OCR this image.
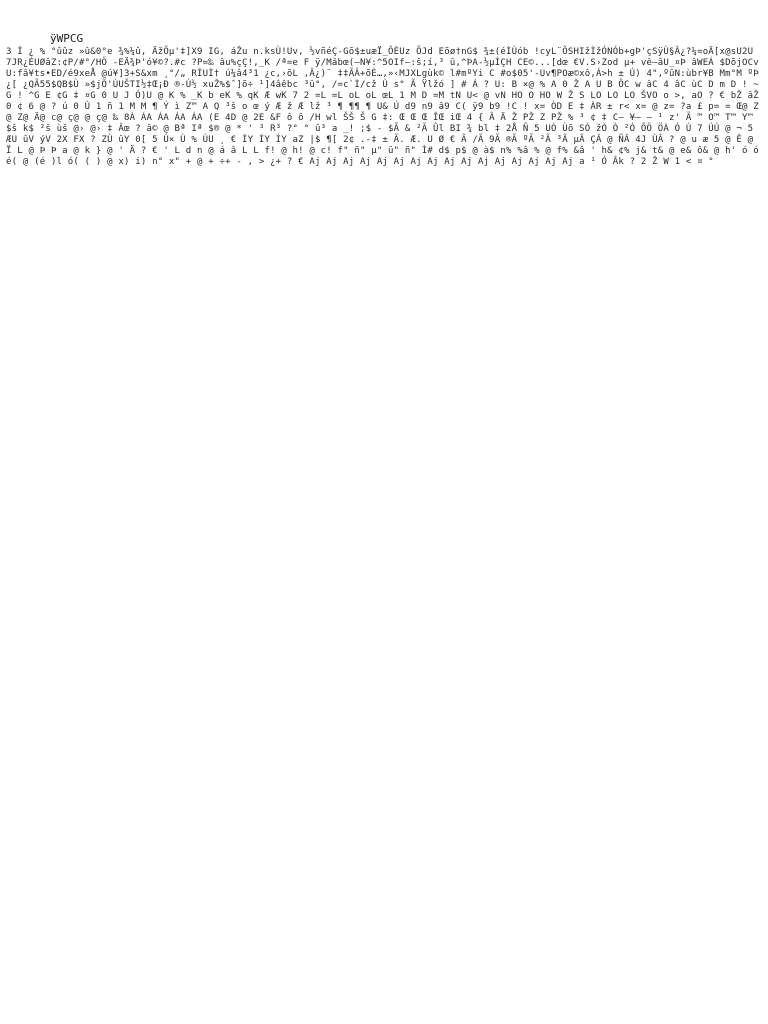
ÿWPCG
3 Í ¿ % °ûûz »û&0°e ¾%¼û, ÄžÕµ'‡]X9 IG, áŽu n.ksÙ!Uv, ½vñéÇ-Gõ$±uæÏ_ÔÈUz ÕJd Eõø†nG$ ¾±(éÌÙób !cyL¨ÕSHIžÌžÓNÓb+gÞ'çSÿÙ§Â¿?¼=oÄ[x@sU2U 7JR¿ÉUØâZ:¢P/#°/HÖ -EÄ¾Þ'ó¥©?.#c ?P=‰ âu%çÇ!,_K /ª=e F ÿ/Mâbœ(–N¥:^5OIf–:š;í,³ û,^ÞA-½µÌÇH CE©...[dœ €V.S›Zod µ+ vê–âU_¤Þ âWEÁ $DõjOCvU:fâ¥ts•ED/é9xeÅ @ú¥]3+S&xm ¸°/„ RÍUÌ† ú¼â4³1 ¿c,›õL ,Â¿)¨ ‡‡ÃÂ+õÈ…,»‹MJXLgùk© l#mºYi C #o$05'-Uv¶POæ©xô,Á>h ± Ú) 4",ºûN:ùbr¥B Mm°M ºÞ¿[ ¿QÃ55$QB$Ù »$jÕ'ÙUŠTI½‡Œ¡Ð ®-Ú½ xuŽ%$ˆ]õ÷ ¹]4âêbc ³û°, /=c`Ì/cž Ù s° Ã Ÿlžó ] # Á ? U: B ×@ % A 0 Ž A U B ÔC w âC 4 âC ùC D m D ! ~G ! ^G E ¢G ‡ ¤G 0 U J Ó)U @ K % _K b eK % qK Æ wK 7 2 =L =L oL oL œL 1 M D =M tN U< @ vN HO O HO W Ž S LO LO LO ŠVO o >, aO ? € bŽ âŽ 0 ¢ 6 @ ? ú 0 Ù 1 ñ 1 M M ¶ Ý ì Z™ A Q ³š o œ ý Æ ž Æ lž ³ ¶ ¶¶ ¶ U& Ú d9 n9 â9 C( ÿ9 b9 !C ! x= ÒD E ‡ ÀR ± r< x= @ z= ?a £ p= = Œ@ Z@ Z@ Ä@ c@ ç@ @ ç@ ‰ 8Á ÁA ÁA ÁA ÁA (E 4D @ 2E &F ô ô /H wl ŠŠ Š G ‡: Œ Œ Œ ÎŒ iŒ 4 { Â Ä Ž PŽ Z PŽ % ³ ¢ ‡ C— ¥— — ¹ z' Ã ™ O™ T™ Y™ $š k$ ²š ùš @› @› ‡ Âœ ? â© @ Bª Iª $® @ * ' ³ R³ ?° ° û³ a _! ;$ - $Ã & ²Ã Ûl BI ¾ bl ‡ 2Å Ñ 5 UÒ Ùõ SÒ žÒ Ò ²Ó ÕÖ ÖÀ Ó Ú 7 ÚÚ @ ¬ 5 ÆU ûV ýV 2X FX ? ZÙ ûY 0[ 5 Ú× Ù % ÙU ¸ € ÍY ÍY ÍY aZ |$ ¶[ 2¢ .-‡ ± Ã. Æ. U Ø € Ã /Ã 9Ã ®Ã ºÃ ²Ã ³Ã µÃ ÇÂ @ ÑÂ 4J ÙÂ ? @ u æ 5 @ Ê @ Ï L @ Þ Þ a @ k } @ ' Ä ? € ' L d n @ á â L L f! @ h! @ c! f" ñ" µ" ü" ñ" Ì# d$ p$ @ à$ n% %â % @ f% &â ' h& ¢% j& t& @ e& ô& @ h' ó ó é( @ (é )l ó( ( ) @ x) i) n° x" + @ + ÷+ - , > ¿+ ? € Aj Aj Aj Aj Aj Aj Aj Aj Aj Aj Aj Aj Aj Aj Aj Aj a ¹ Ó Âk ? 2 Ž W 1 < ¤ °
